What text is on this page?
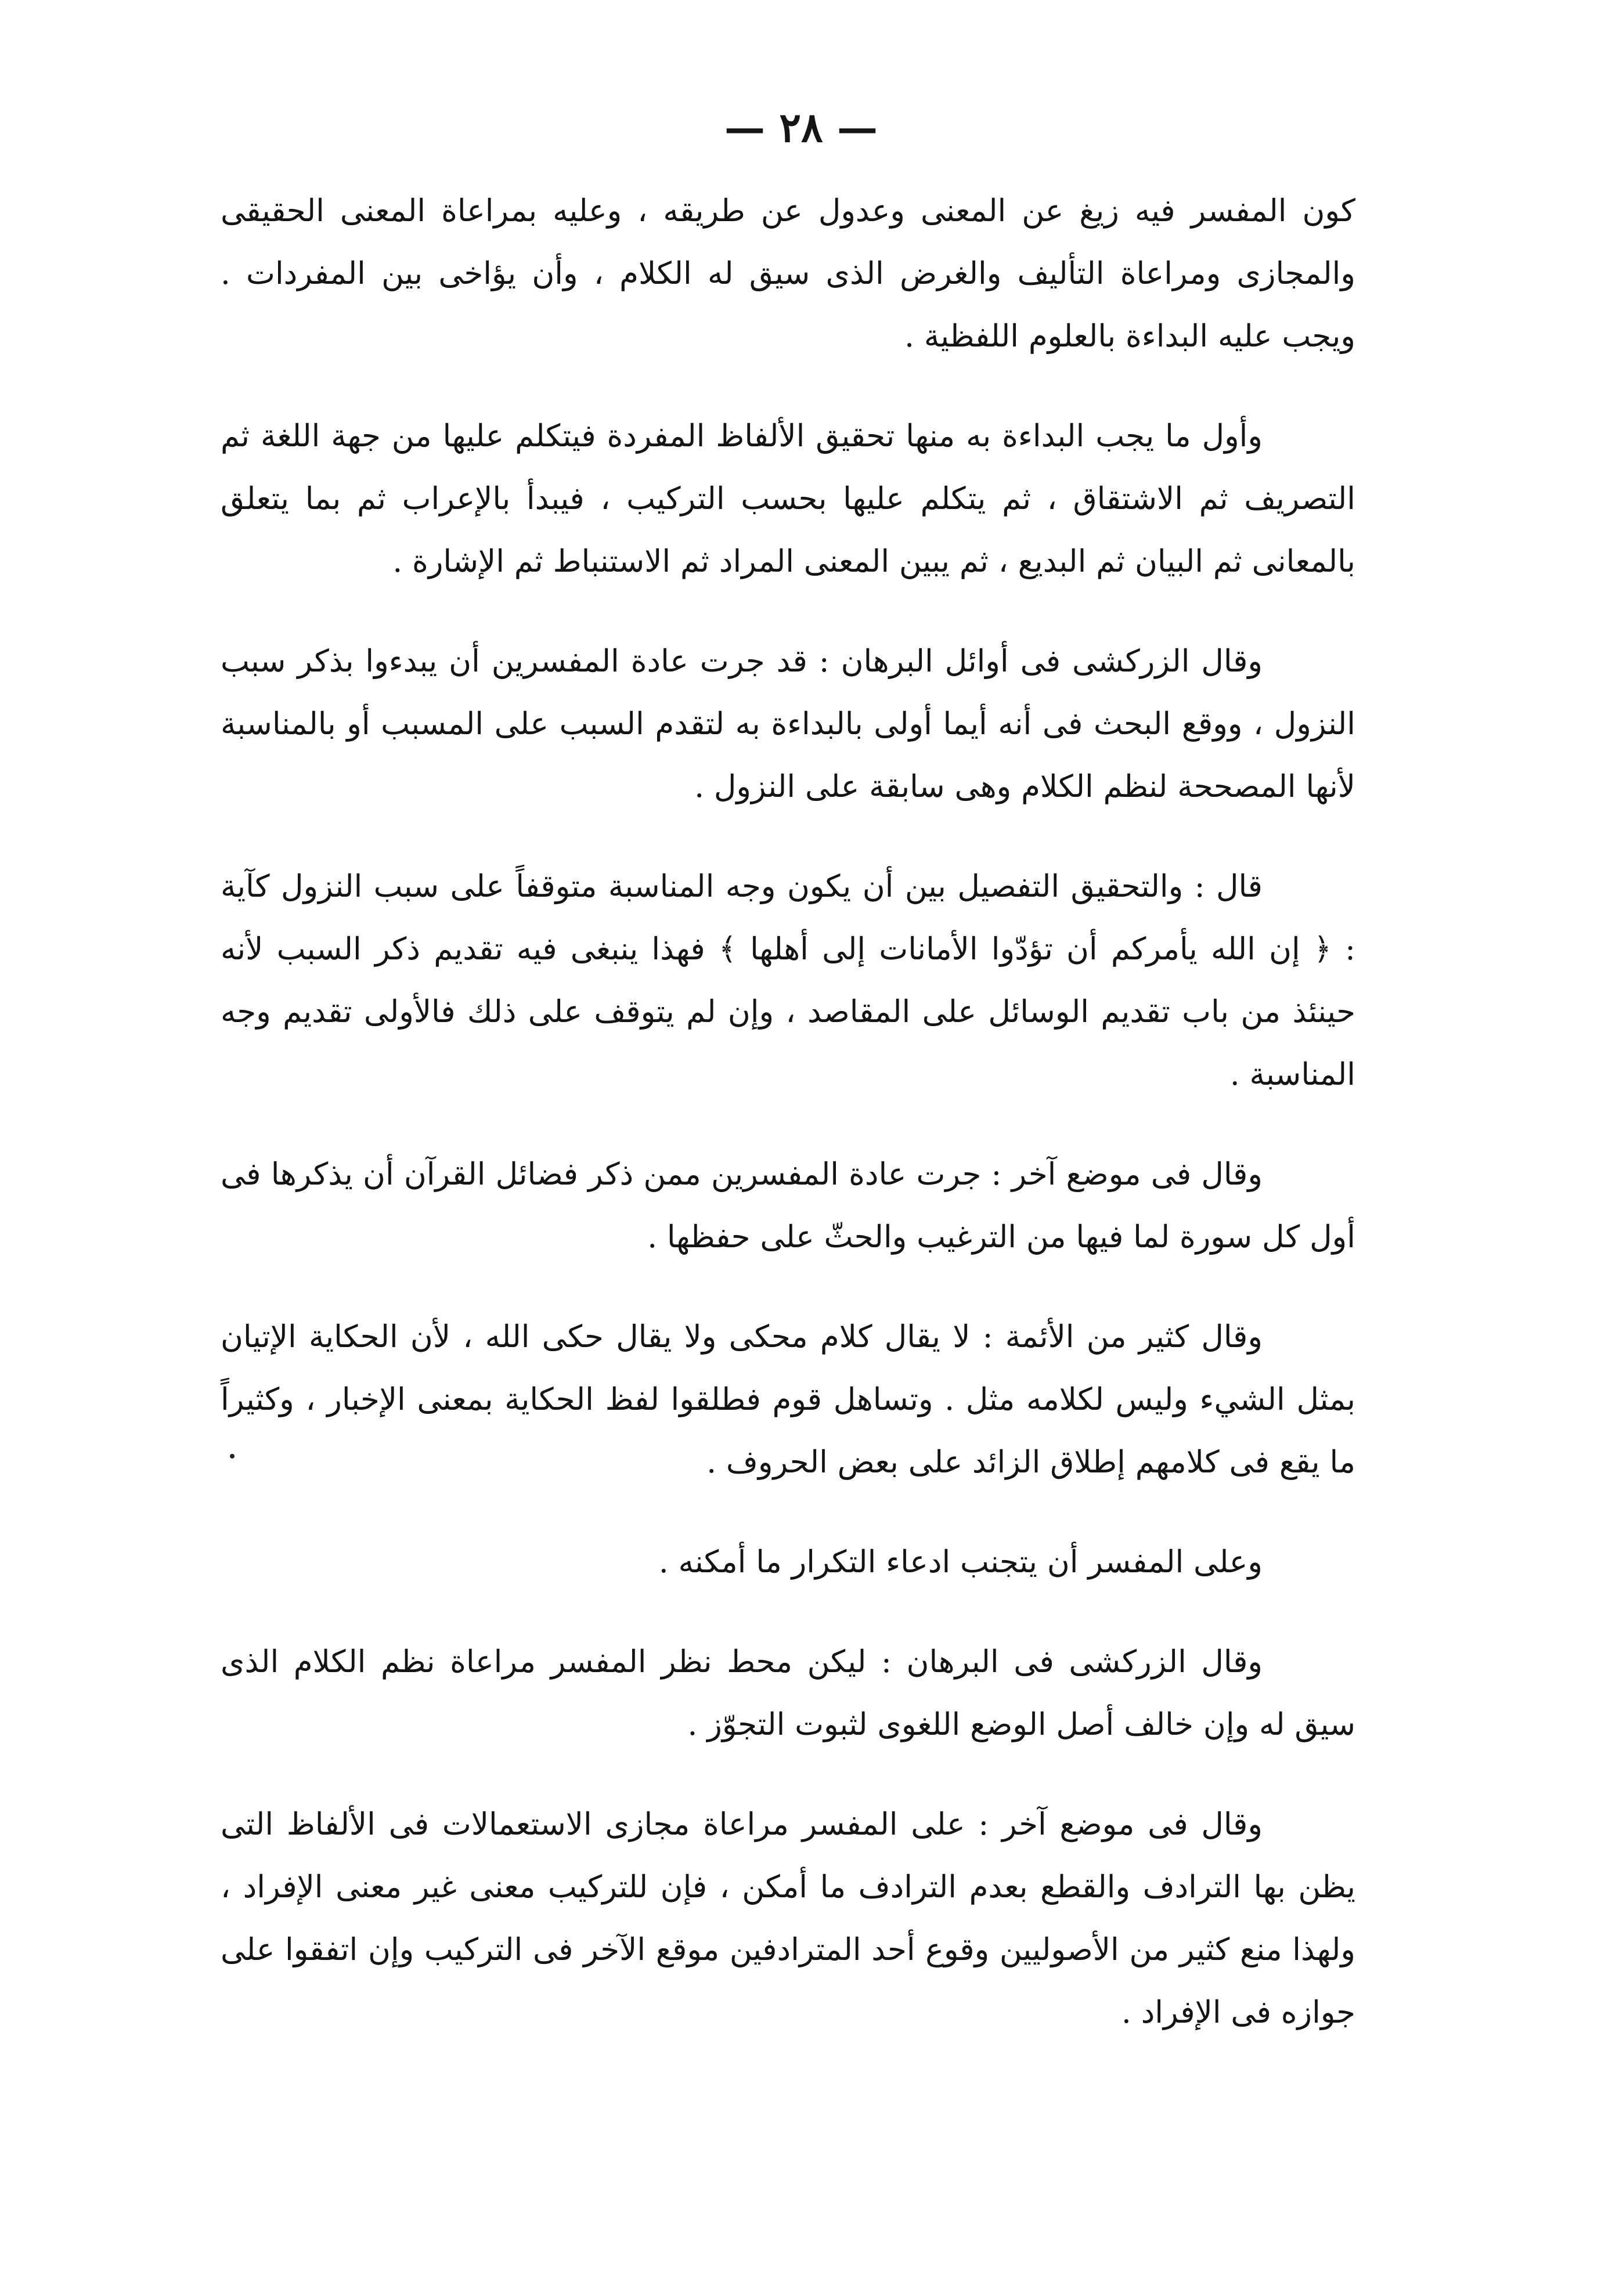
— ٢٨ —

كون المفسر فيه زيغ عن المعنى وعدول عن طريقه ، وعليه بمراعاة المعنى الحقيقى والمجازى ومراعاة التأليف والغرض الذى سيق له الكلام ، وأن يؤاخى بين المفردات . ويجب عليه البداءة بالعلوم اللفظية .

وأول ما يجب البداءة به منها تحقيق الألفاظ المفردة فيتكلم عليها من جهة اللغة ثم التصريف ثم الاشتقاق ، ثم يتكلم عليها بحسب التركيب ، فيبدأ بالإعراب ثم بما يتعلق بالمعانى ثم البيان ثم البديع ، ثم يبين المعنى المراد ثم الاستنباط ثم الإشارة .

وقال الزركشى فى أوائل البرهان : قد جرت عادة المفسرين أن يبدءوا بذكر سبب النزول ، ووقع البحث فى أنه أيما أولى بالبداءة به لتقدم السبب على المسبب أو بالمناسبة لأنها المصححة لنظم الكلام وهى سابقة على النزول .

قال : والتحقيق التفصيل بين أن يكون وجه المناسبة متوقفاً على سبب النزول كآية : ﴿ إن الله يأمركم أن تؤدّوا الأمانات إلى أهلها ﴾ فهذا ينبغى فيه تقديم ذكر السبب لأنه حينئذ من باب تقديم الوسائل على المقاصد ، وإن لم يتوقف على ذلك فالأولى تقديم وجه المناسبة .

وقال فى موضع آخر : جرت عادة المفسرين ممن ذكر فضائل القرآن أن يذكرها فى أول كل سورة لما فيها من الترغيب والحثّ على حفظها .

وقال كثير من الأئمة : لا يقال كلام محكى ولا يقال حكى الله ، لأن الحكاية الإتيان بمثل الشيء وليس لكلامه مثل . وتساهل قوم فطلقوا لفظ الحكاية بمعنى الإخبار ، وكثيراً ما يقع فى كلامهم إطلاق الزائد على بعض الحروف .

وعلى المفسر أن يتجنب ادعاء التكرار ما أمكنه .

وقال الزركشى فى البرهان : ليكن محط نظر المفسر مراعاة نظم الكلام الذى سيق له وإن خالف أصل الوضع اللغوى لثبوت التجوّز .

وقال فى موضع آخر : على المفسر مراعاة مجازى الاستعمالات فى الألفاظ التى يظن بها الترادف والقطع بعدم الترادف ما أمكن ، فإن للتركيب معنى غير معنى الإفراد ، ولهذا منع كثير من الأصوليين وقوع أحد المترادفين موقع الآخر فى التركيب وإن اتفقوا على جوازه فى الإفراد .
